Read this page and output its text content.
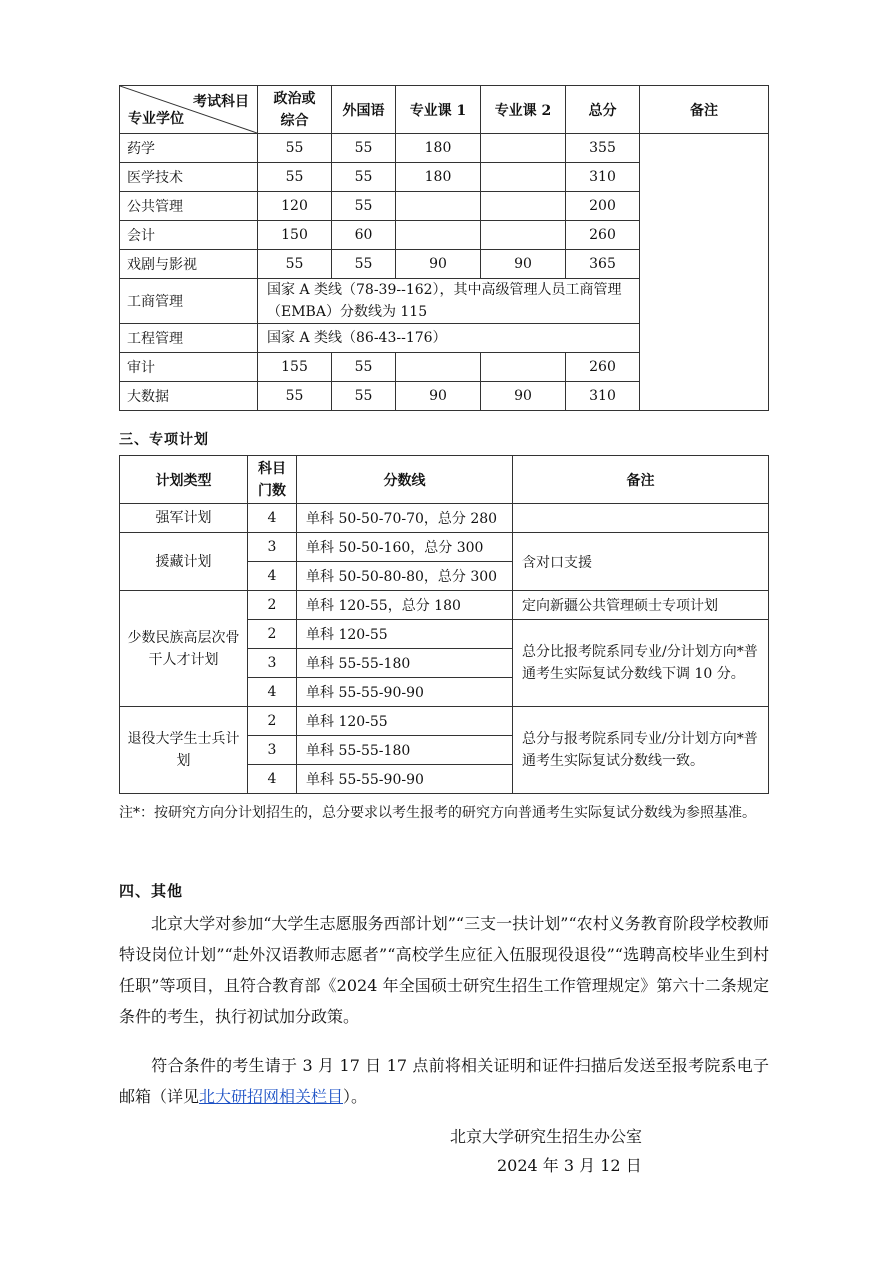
考试科目
专业学位	政治或综合	外国语	专业课 1	专业课 2	总分	备注
药学	55	55	180		355	
医学技术	55	55	180		310	
公共管理	120	55			200	
会计	150	60			260	
戏剧与影视	55	55	90	90	365	
工商管理	国家 A 类线（78-39--162），其中高级管理人员工商管理（EMBA）分数线为 115					
工程管理	国家 A 类线（86-43--176）					
审计	155	55			260	
大数据	55	55	90	90	310	
三、专项计划
计划类型	科目门数	分数线	备注
强军计划	4	单科 50-50-70-70，总分 280	
援藏计划	3	单科 50-50-160，总分 300	含对口支援
	4	单科 50-50-80-80，总分 300	
少数民族高层次骨干人才计划	2	单科 120-55，总分 180	定向新疆公共管理硕士专项计划
	2	单科 120-55	总分比报考院系同专业/分计划方向*普通考生实际复试分数线下调 10 分。
	3	单科 55-55-180	
	4	单科 55-55-90-90	
退役大学生士兵计划	2	单科 120-55	总分与报考院系同专业/分计划方向*普通考生实际复试分数线一致。
	3	单科 55-55-180	
	4	单科 55-55-90-90	
注*：按研究方向分计划招生的，总分要求以考生报考的研究方向普通考生实际复试分数线为参照基准。
四、其他
北京大学对参加“大学生志愿服务西部计划”“三支一扶计划”“农村义务教育阶段学校教师特设岗位计划”“赴外汉语教师志愿者”“高校学生应征入伍服现役退役”“选聘高校毕业生到村任职”等项目，且符合教育部《2024 年全国硕士研究生招生工作管理规定》第六十二条规定条件的考生，执行初试加分政策。
符合条件的考生请于 3 月 17 日 17 点前将相关证明和证件扫描后发送至报考院系电子邮箱（详见北大研招网相关栏目）。
北京大学研究生招生办公室
2024 年 3 月 12 日
